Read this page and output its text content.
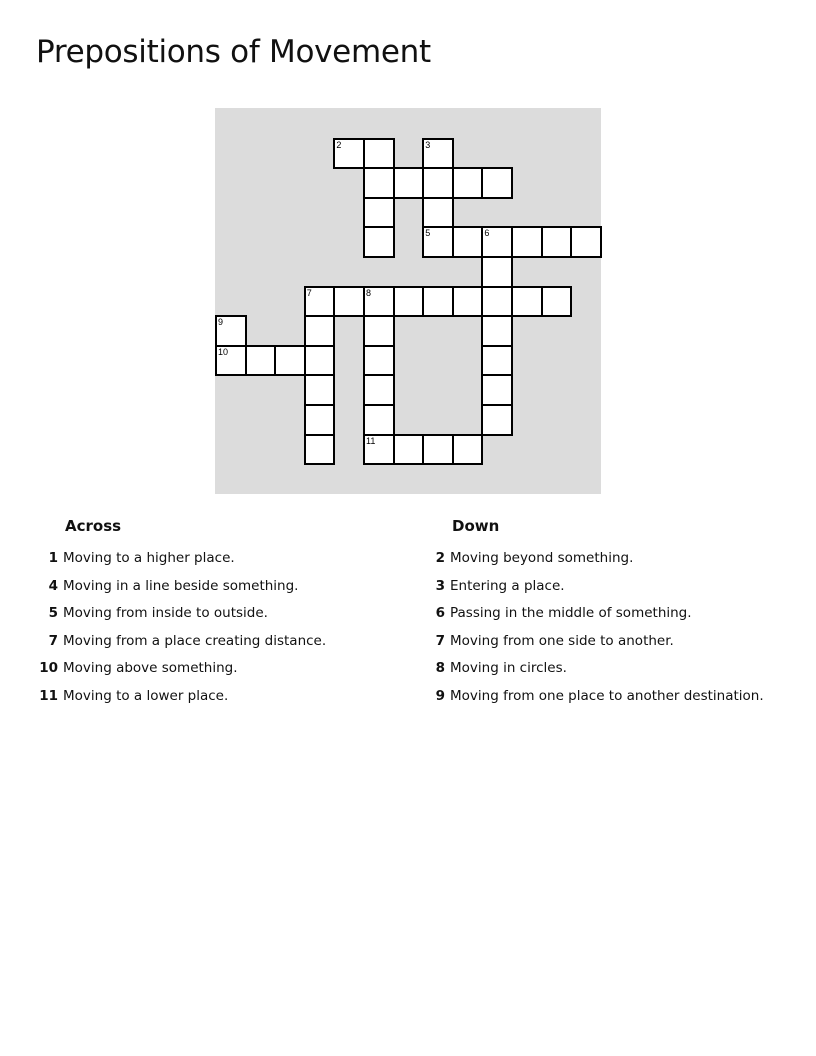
Prepositions of Movement
2	3
5	6
7	8
9
10
11
Across
1 Moving to a higher place.
4 Moving in a line beside something.
5 Moving from inside to outside.
7 Moving from a place creating distance.
10 Moving above something.
11 Moving to a lower place.
Down
2 Moving beyond something.
3 Entering a place.
6 Passing in the middle of something.
7 Moving from one side to another.
8 Moving in circles.
9 Moving from one place to another destination.
